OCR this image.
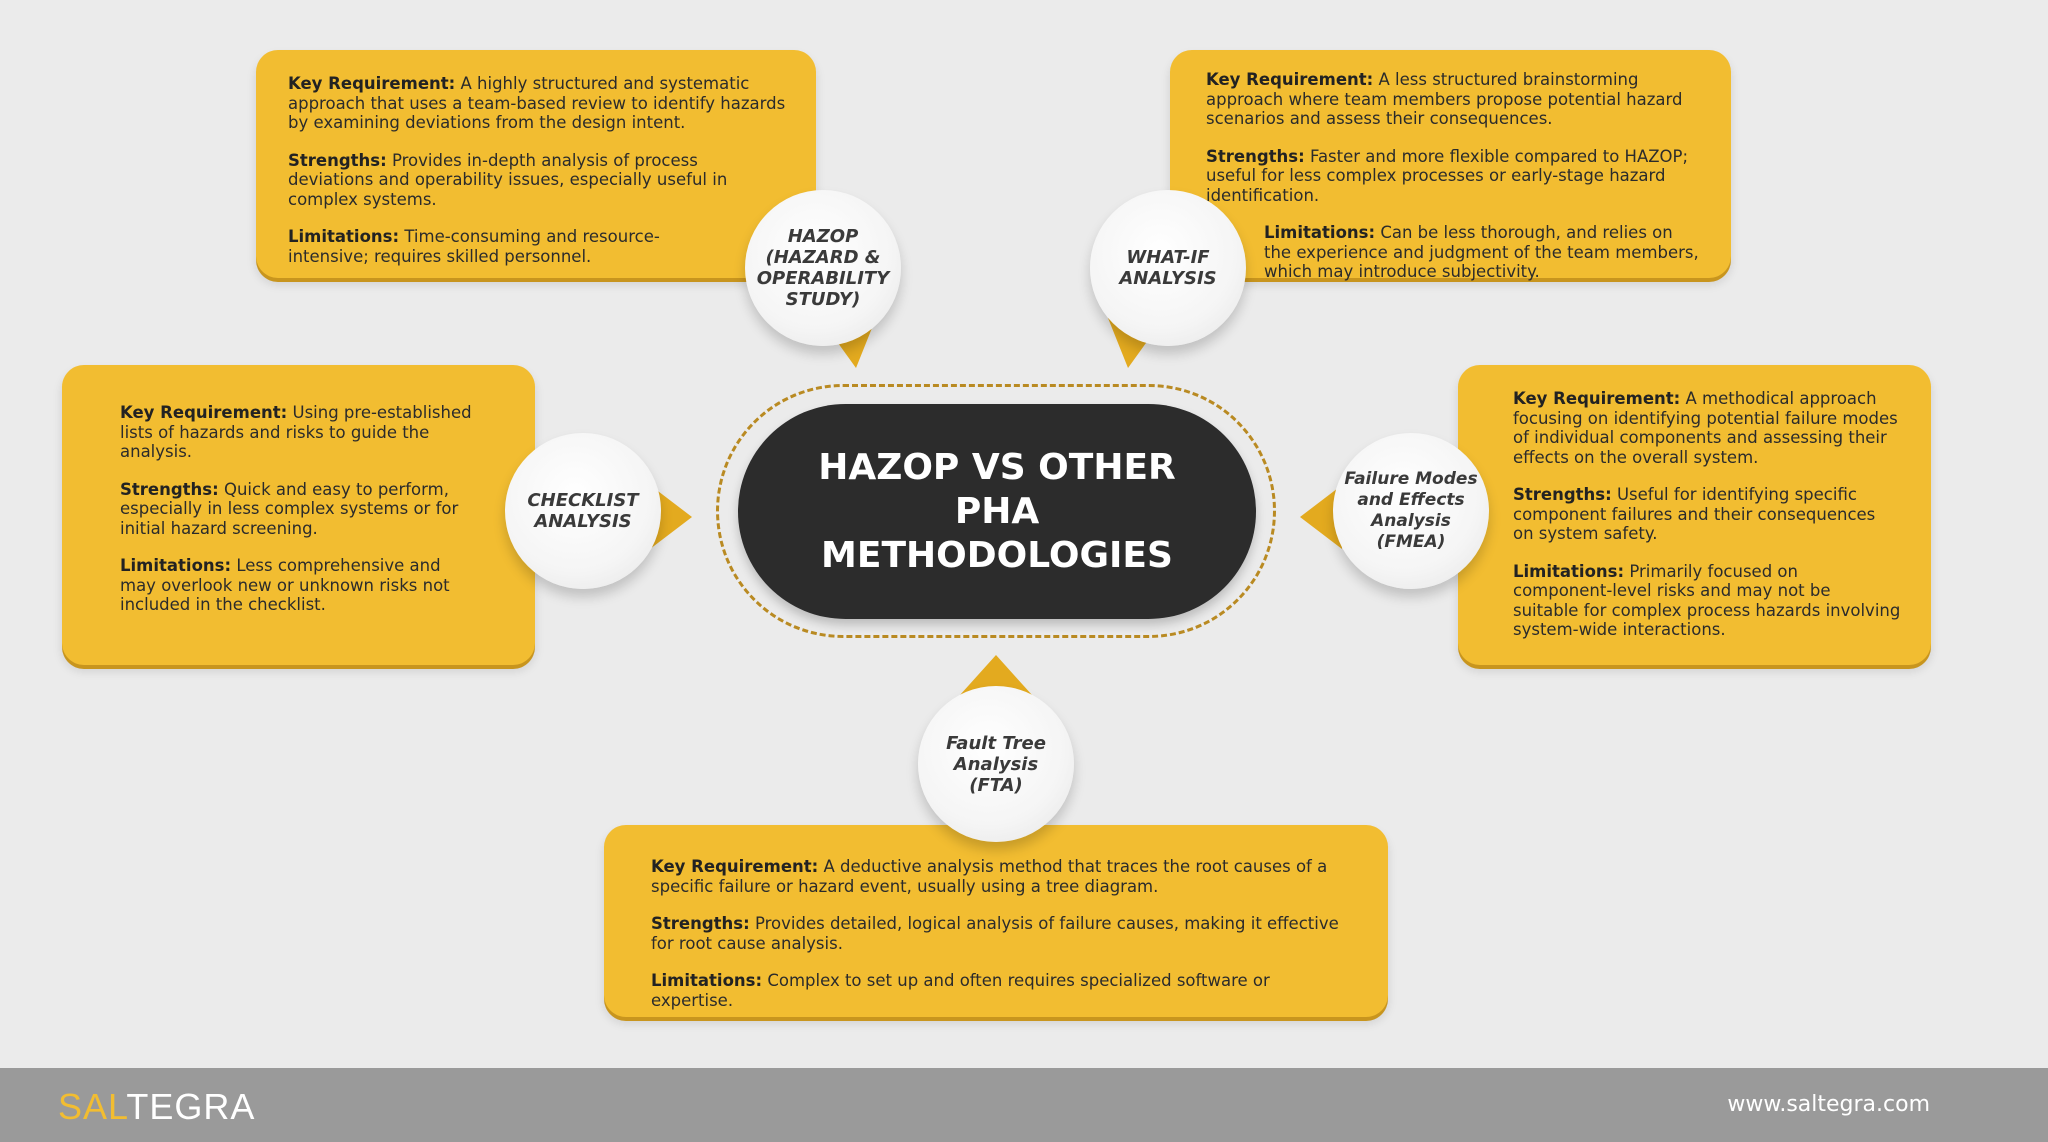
Key Requirement: A highly structured and systematic approach that uses a team-based review to identify hazards by examining deviations from the design intent.

Strengths: Provides in-depth analysis of process deviations and operability issues, especially useful in complex systems.

Limitations: Time-consuming and resource-intensive; requires skilled personnel.

HAZOP (HAZARD & OPERABILITY STUDY)

Key Requirement: A less structured brainstorming approach where team members propose potential hazard scenarios and assess their consequences.

Strengths: Faster and more flexible compared to HAZOP; useful for less complex processes or early-stage hazard identification.

Limitations: Can be less thorough, and relies on the experience and judgment of the team members, which may introduce subjectivity.

WHAT-IF ANALYSIS

Key Requirement: Using pre-established lists of hazards and risks to guide the analysis.

Strengths: Quick and easy to perform, especially in less complex systems or for initial hazard screening.

Limitations: Less comprehensive and may overlook new or unknown risks not included in the checklist.

CHECKLIST ANALYSIS

Key Requirement: A methodical approach focusing on identifying potential failure modes of individual components and assessing their effects on the overall system.

Strengths: Useful for identifying specific component failures and their consequences on system safety.

Limitations: Primarily focused on component-level risks and may not be suitable for complex process hazards involving system-wide interactions.

Failure Modes and Effects Analysis (FMEA)

Key Requirement: A deductive analysis method that traces the root causes of a specific failure or hazard event, usually using a tree diagram.

Strengths: Provides detailed, logical analysis of failure causes, making it effective for root cause analysis.

Limitations: Complex to set up and often requires specialized software or expertise.

Fault Tree Analysis (FTA)
HAZOP VS OTHER PHA METHODOLOGIES
SALTEGRA	www.saltegra.com
